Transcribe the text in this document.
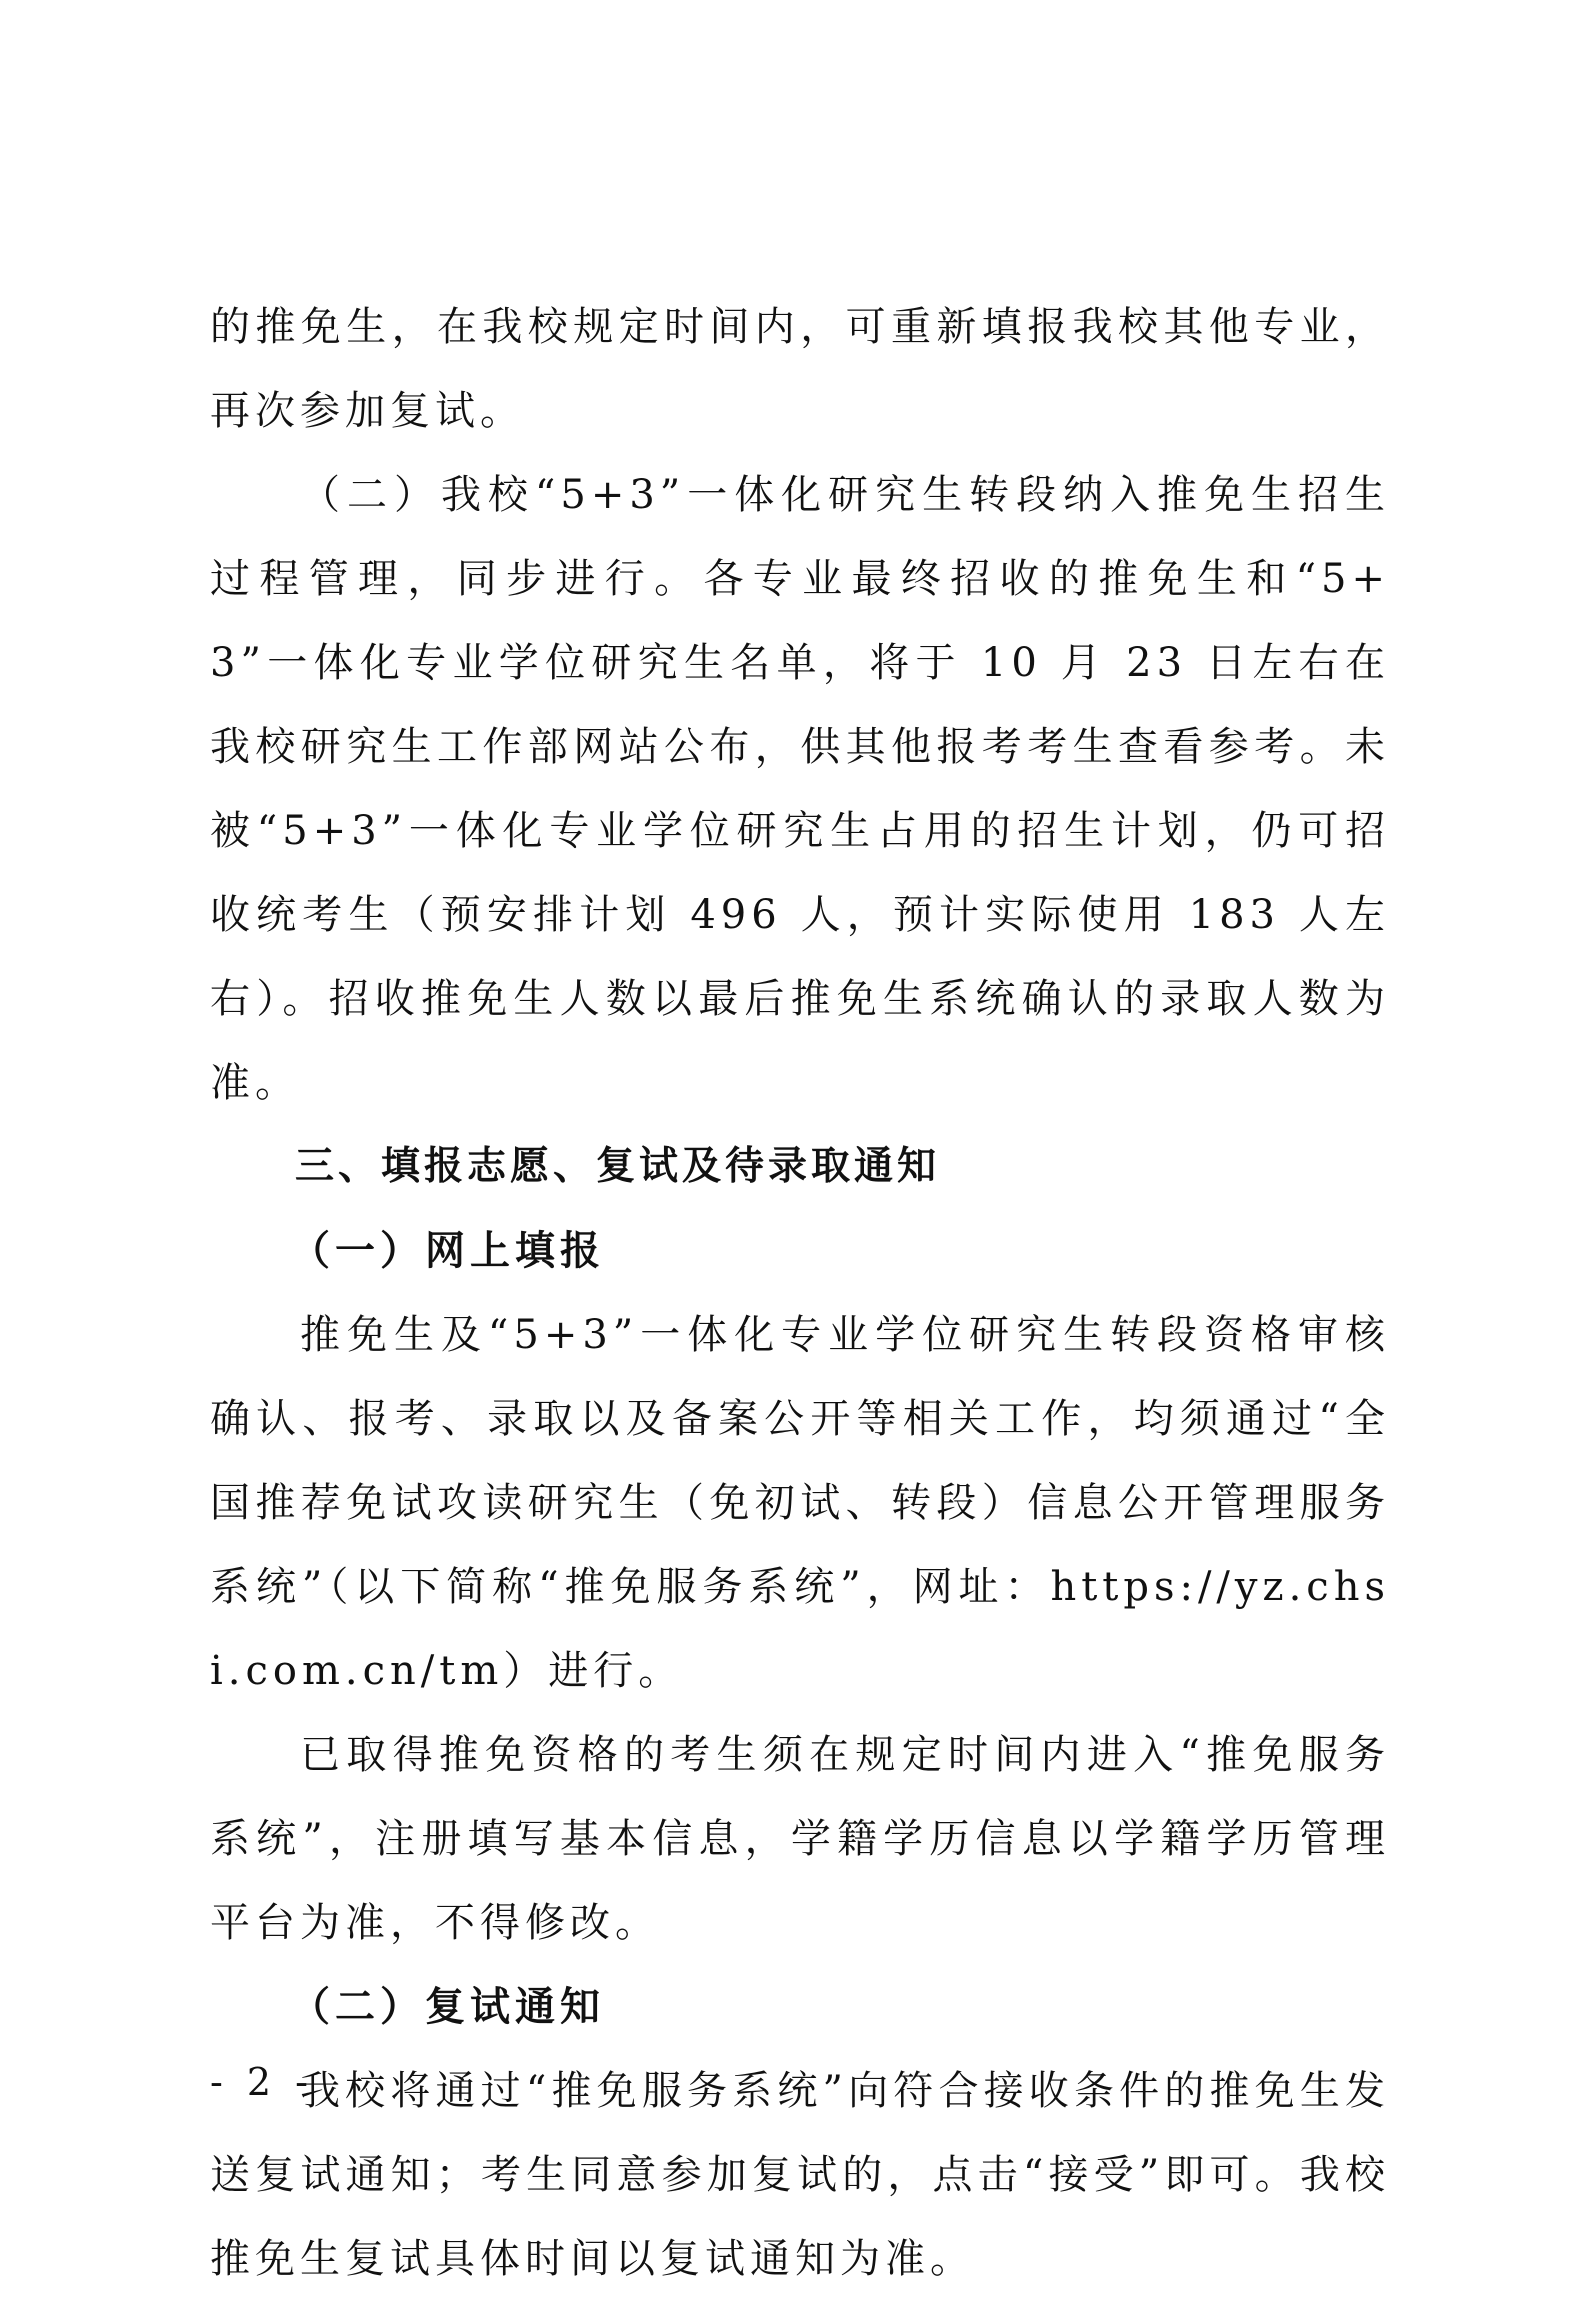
的推免生，在我校规定时间内，可重新填报我校其他专业，再次参加复试。

（二）我校“5+3”一体化研究生转段纳入推免生招生过程管理，同步进行。各专业最终招收的推免生和“5+3”一体化专业学位研究生名单，将于 10 月 23 日左右在我校研究生工作部网站公布，供其他报考考生查看参考。未被“5+3”一体化专业学位研究生占用的招生计划，仍可招收统考生（预安排计划 496 人，预计实际使用 183 人左右）。招收推免生人数以最后推免生系统确认的录取人数为准。

三、填报志愿、复试及待录取通知
（一）网上填报

推免生及“5+3”一体化专业学位研究生转段资格审核确认、报考、录取以及备案公开等相关工作，均须通过“全国推荐免试攻读研究生（免初试、转段）信息公开管理服务系统”（以下简称“推免服务系统”，网址：https://yz.chsi.com.cn/tm）进行。

已取得推免资格的考生须在规定时间内进入“推免服务系统”，注册填写基本信息，学籍学历信息以学籍学历管理平台为准，不得修改。

（二）复试通知

我校将通过“推免服务系统”向符合接收条件的推免生发送复试通知；考生同意参加复试的，点击“接受”即可。我校推免生复试具体时间以复试通知为准。

- 2 -
